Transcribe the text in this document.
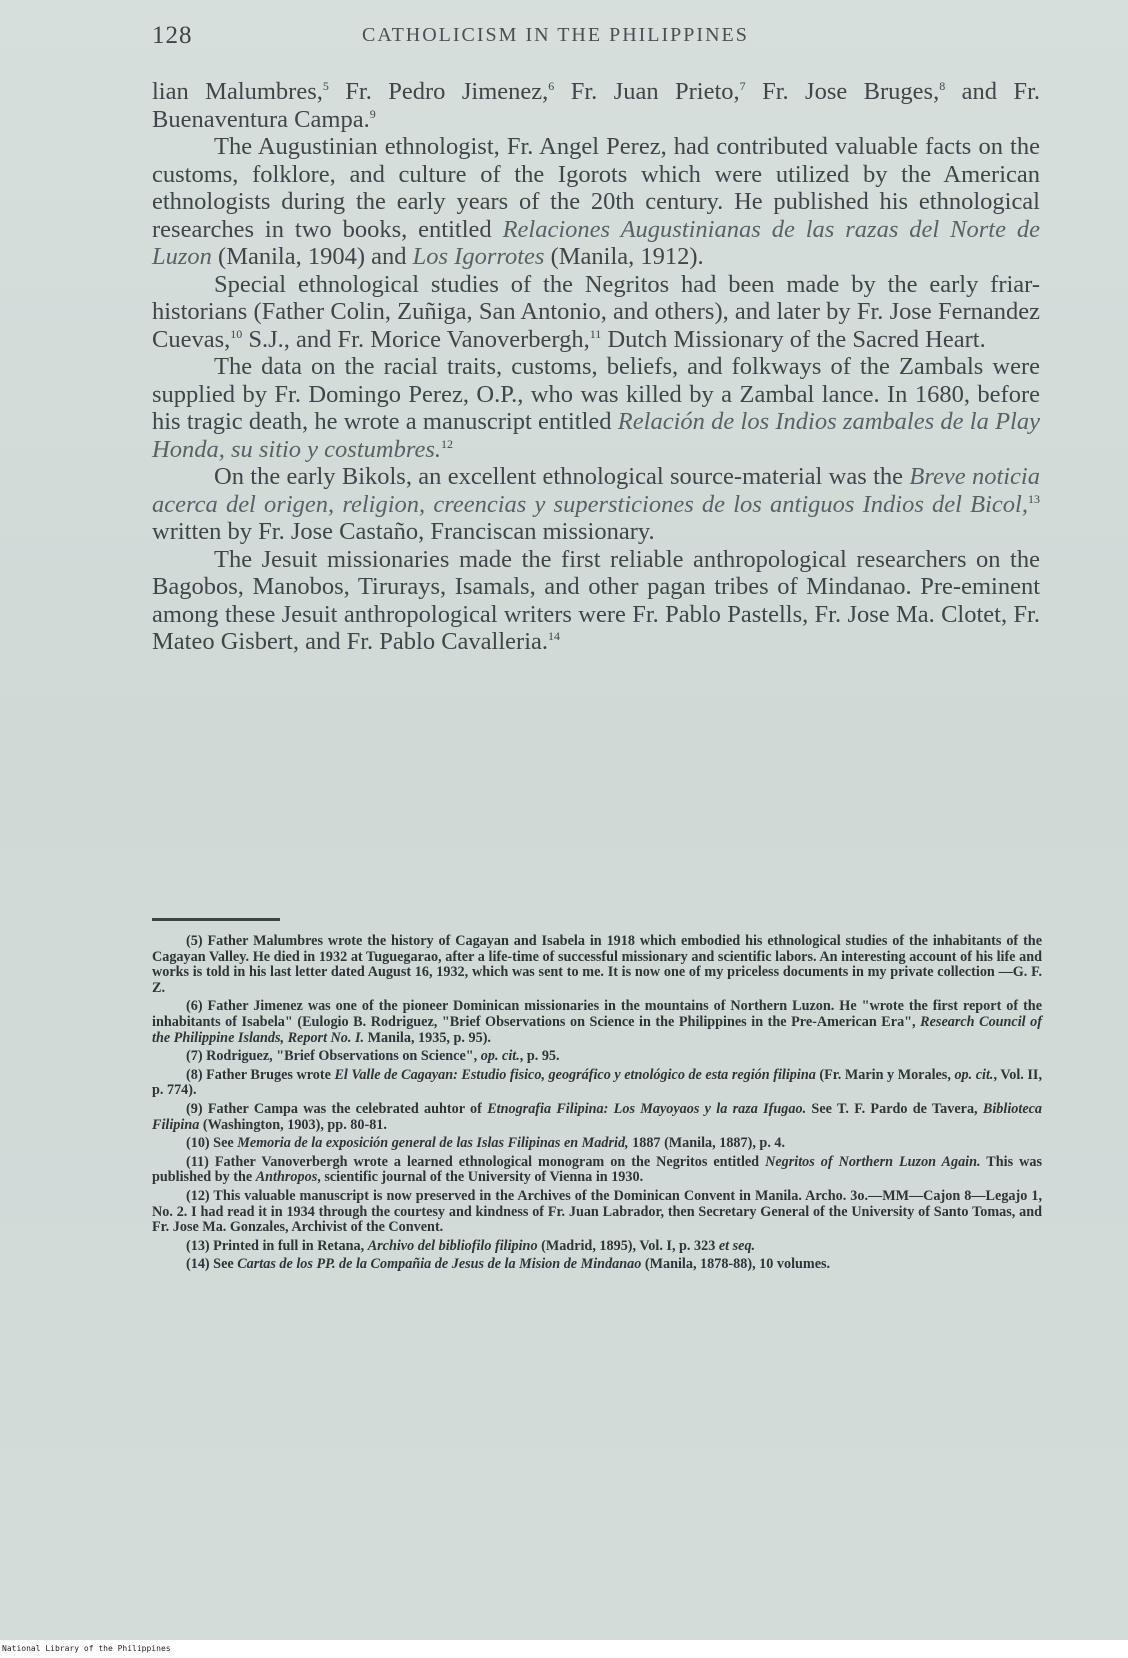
128	CATHOLICISM IN THE PHILIPPINES

lian Malumbres,$^5$ Fr. Pedro Jimenez,$^6$ Fr. Juan Prieto,$^7$ Fr. Jose Bruges,$^8$ and Fr. Buenaventura Campa.$^9$

The Augustinian ethnologist, Fr. Angel Perez, had contributed valuable facts on the customs, folklore, and culture of the Igorots which were utilized by the American ethnologists during the early years of the 20th century. He published his ethnological researches in two books, entitled Relaciones Augustinianas de las razas del Norte de Luzon (Manila, 1904) and Los Igorrotes (Manila, 1912).

Special ethnological studies of the Negritos had been made by the early friar-historians (Father Colin, Zuñiga, San Antonio, and others), and later by Fr. Jose Fernandez Cuevas,$^{10}$ S.J., and Fr. Morice Vanoverbergh,$^{11}$ Dutch Missionary of the Sacred Heart.

The data on the racial traits, customs, beliefs, and folkways of the Zambals were supplied by Fr. Domingo Perez, O.P., who was killed by a Zambal lance. In 1680, before his tragic death, he wrote a manuscript entitled Relación de los Indios zambales de la Play Honda, su sitio y costumbres.$^{12}$

On the early Bikols, an excellent ethnological source-material was the Breve noticia acerca del origen, religion, creencias y supersticiones de los antiguos Indios del Bicol,$^{13}$ written by Fr. Jose Castaño, Franciscan missionary.

The Jesuit missionaries made the first reliable anthropological researchers on the Bagobos, Manobos, Tirurays, Isamals, and other pagan tribes of Mindanao. Pre-eminent among these Jesuit anthropological writers were Fr. Pablo Pastells, Fr. Jose Ma. Clotet, Fr. Mateo Gisbert, and Fr. Pablo Cavalleria.$^{14}$

(5) Father Malumbres wrote the history of Cagayan and Isabela in 1918 which embodied his ethnological studies of the inhabitants of the Cagayan Valley. He died in 1932 at Tuguegarao, after a life-time of successful missionary and scientific labors. An interesting account of his life and works is told in his last letter dated August 16, 1932, which was sent to me. It is now one of my priceless documents in my private collection —G. F. Z.

(6) Father Jimenez was one of the pioneer Dominican missionaries in the mountains of Northern Luzon. He "wrote the first report of the inhabitants of Isabela" (Eulogio B. Rodriguez, "Brief Observations on Science in the Philippines in the Pre-American Era", Research Council of the Philippine Islands, Report No. I. Manila, 1935, p. 95).

(7) Rodriguez, "Brief Observations on Science", op. cit., p. 95.

(8) Father Bruges wrote El Valle de Cagayan: Estudio fisico, geográfico y etnológico de esta región filipina (Fr. Marin y Morales, op. cit., Vol. II, p. 774).

(9) Father Campa was the celebrated auhtor of Etnografia Filipina: Los Mayoyaos y la raza Ifugao. See T. F. Pardo de Tavera, Biblioteca Filipina (Washington, 1903), pp. 80-81.

(10) See Memoria de la exposición general de las Islas Filipinas en Madrid, 1887 (Manila, 1887), p. 4.

(11) Father Vanoverbergh wrote a learned ethnological monogram on the Negritos entitled Negritos of Northern Luzon Again. This was published by the Anthropos, scientific journal of the University of Vienna in 1930.

(12) This valuable manuscript is now preserved in the Archives of the Dominican Convent in Manila. Archo. 3o.—MM—Cajon 8—Legajo 1, No. 2. I had read it in 1934 through the courtesy and kindness of Fr. Juan Labrador, then Secretary General of the University of Santo Tomas, and Fr. Jose Ma. Gonzales, Archivist of the Convent.

(13) Printed in full in Retana, Archivo del bibliofilo filipino (Madrid, 1895), Vol. I, p. 323 et seq.

(14) See Cartas de los PP. de la Compañia de Jesus de la Mision de Mindanao (Manila, 1878-88), 10 volumes.

National Library of the Philippines
